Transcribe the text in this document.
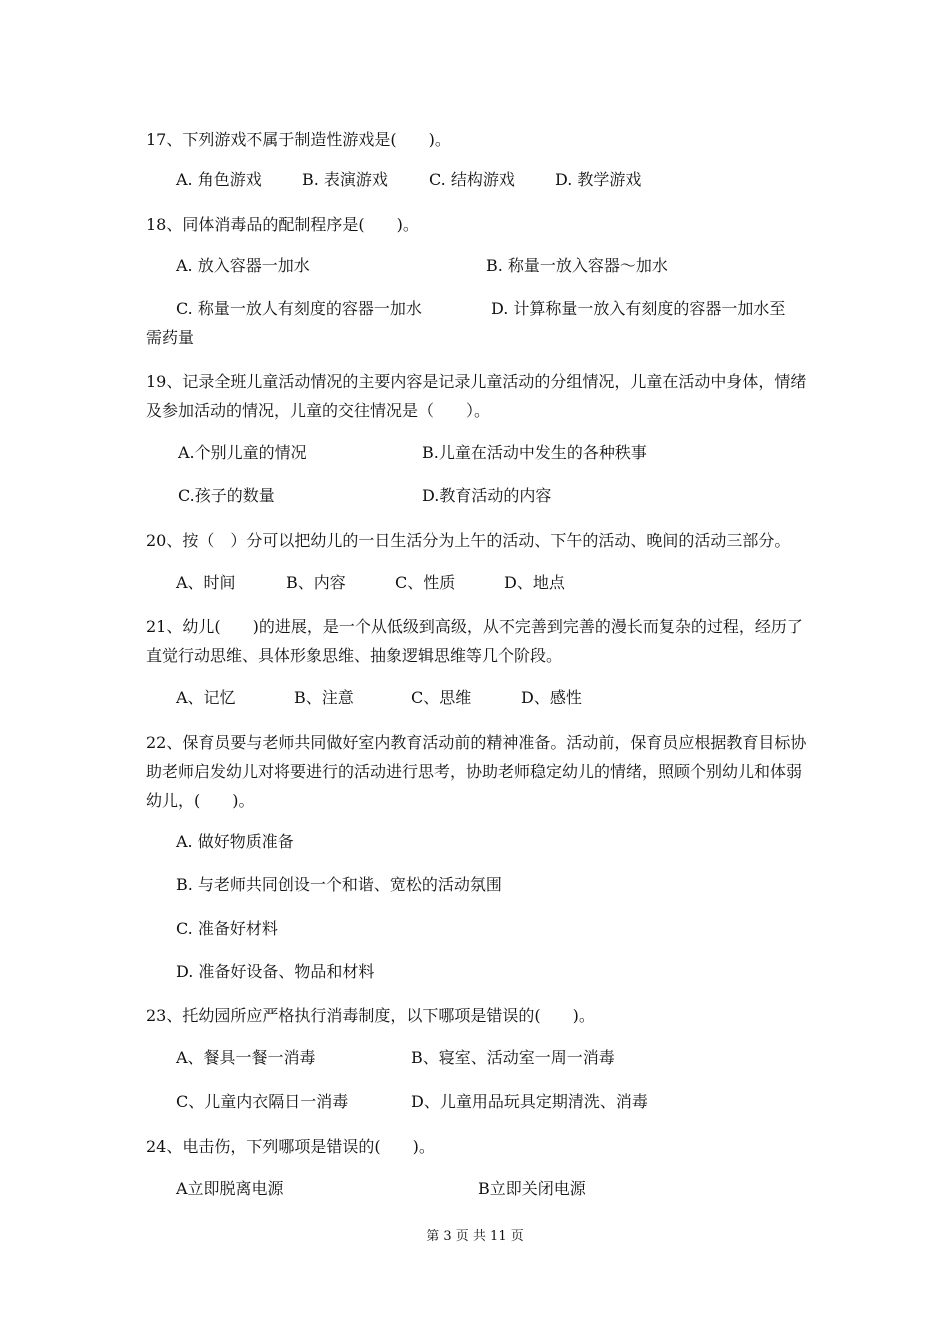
17、下列游戏不属于制造性游戏是(　　)。
A. 角色游戏	B. 表演游戏	C. 结构游戏	D. 教学游戏
18、同体消毒品的配制程序是(　　)。
A. 放入容器一加水	B. 称量一放入容器～加水
C. 称量一放人有刻度的容器一加水	D. 计算称量一放入有刻度的容器一加水至
需药量
19、记录全班儿童活动情况的主要内容是记录儿童活动的分组情况，儿童在活动中身体，情绪及参加活动的情况，儿童的交往情况是（　　）。
A.个别儿童的情况	B.儿童在活动中发生的各种秩事
C.孩子的数量	D.教育活动的内容
20、按（　）分可以把幼儿的一日生活分为上午的活动、下午的活动、晚间的活动三部分。
A、时间	B、内容	C、性质	D、地点
21、幼儿(　　)的进展，是一个从低级到高级，从不完善到完善的漫长而复杂的过程，经历了直觉行动思维、具体形象思维、抽象逻辑思维等几个阶段。
A、记忆	B、注意	C、思维	D、感性
22、保育员要与老师共同做好室内教育活动前的精神准备。活动前，保育员应根据教育目标协助老师启发幼儿对将要进行的活动进行思考，协助老师稳定幼儿的情绪，照顾个别幼儿和体弱幼儿，(　　)。
A. 做好物质准备
B. 与老师共同创设一个和谐、宽松的活动氛围
C. 准备好材料
D. 准备好设备、物品和材料
23、托幼园所应严格执行消毒制度，以下哪项是错误的(　　)。
A、餐具一餐一消毒	B、寝室、活动室一周一消毒
C、儿童内衣隔日一消毒	D、儿童用品玩具定期清洗、消毒
24、电击伤，下列哪项是错误的(　　)。
A立即脱离电源	B立即关闭电源
第 3 页 共 11 页
